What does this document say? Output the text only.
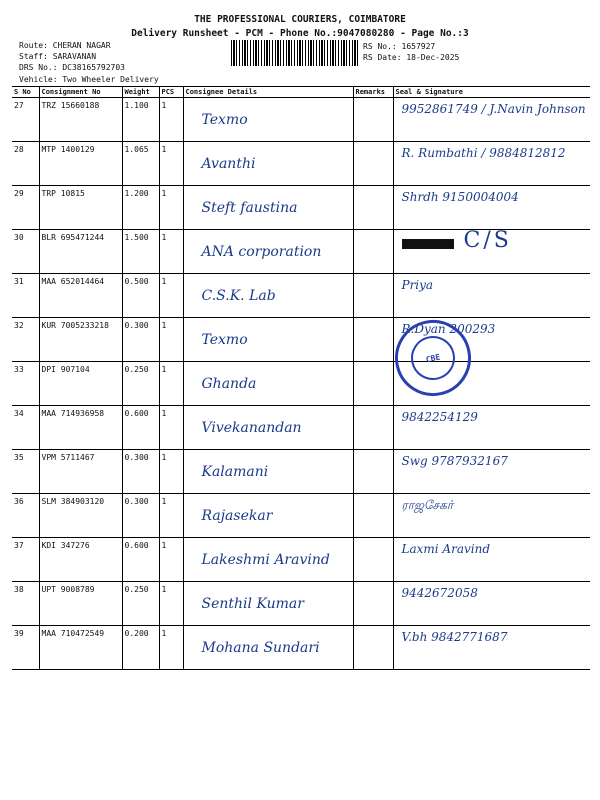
THE PROFESSIONAL COURIERS, COIMBATORE
Delivery Runsheet - PCM - Phone No.:9047080280 - Page No.:3
Route: CHERAN NAGAR
Staff: SARAVANAN
DRS No.: DC38165792703
Vehicle: Two Wheeler Delivery
RS No.: 1657927
RS Date: 18-Dec-2025
S No	Consignment No	Weight	PCS	Consignee Details	Remarks	Seal & Signature
27	TRZ 15660188	1.100	1	Texmo		9952861749 / J.Navin Johnson

28	MTP 1400129	1.065	1	Avanthi		R. Rumbathi / 9884812812

29	TRP 10815	1.200	1	Steft faustina		Shrdh 9150004004

30	BLR 695471244	1.500	1	ANA corporation		C/S

31	MAA 652014464	0.500	1	C.S.K. Lab		Priya

32	KUR 7005233218	0.300	1	Texmo		R.Dyan 200293

33	DPI 907104	0.250	1	Ghanda		

34	MAA 714936958	0.600	1	Vivekanandan		9842254129

35	VPM 5711467	0.300	1	Kalamani		Swg 9787932167

36	SLM 384903120	0.300	1	Rajasekar		ராஜசேகர்

37	KDI 347276	0.600	1	Lakeshmi Aravind		Laxmi Aravind

38	UPT 9008789	0.250	1	Senthil Kumar		9442672058

39	MAA 710472549	0.200	1	Mohana Sundari		V.bh 9842771687
CBE
